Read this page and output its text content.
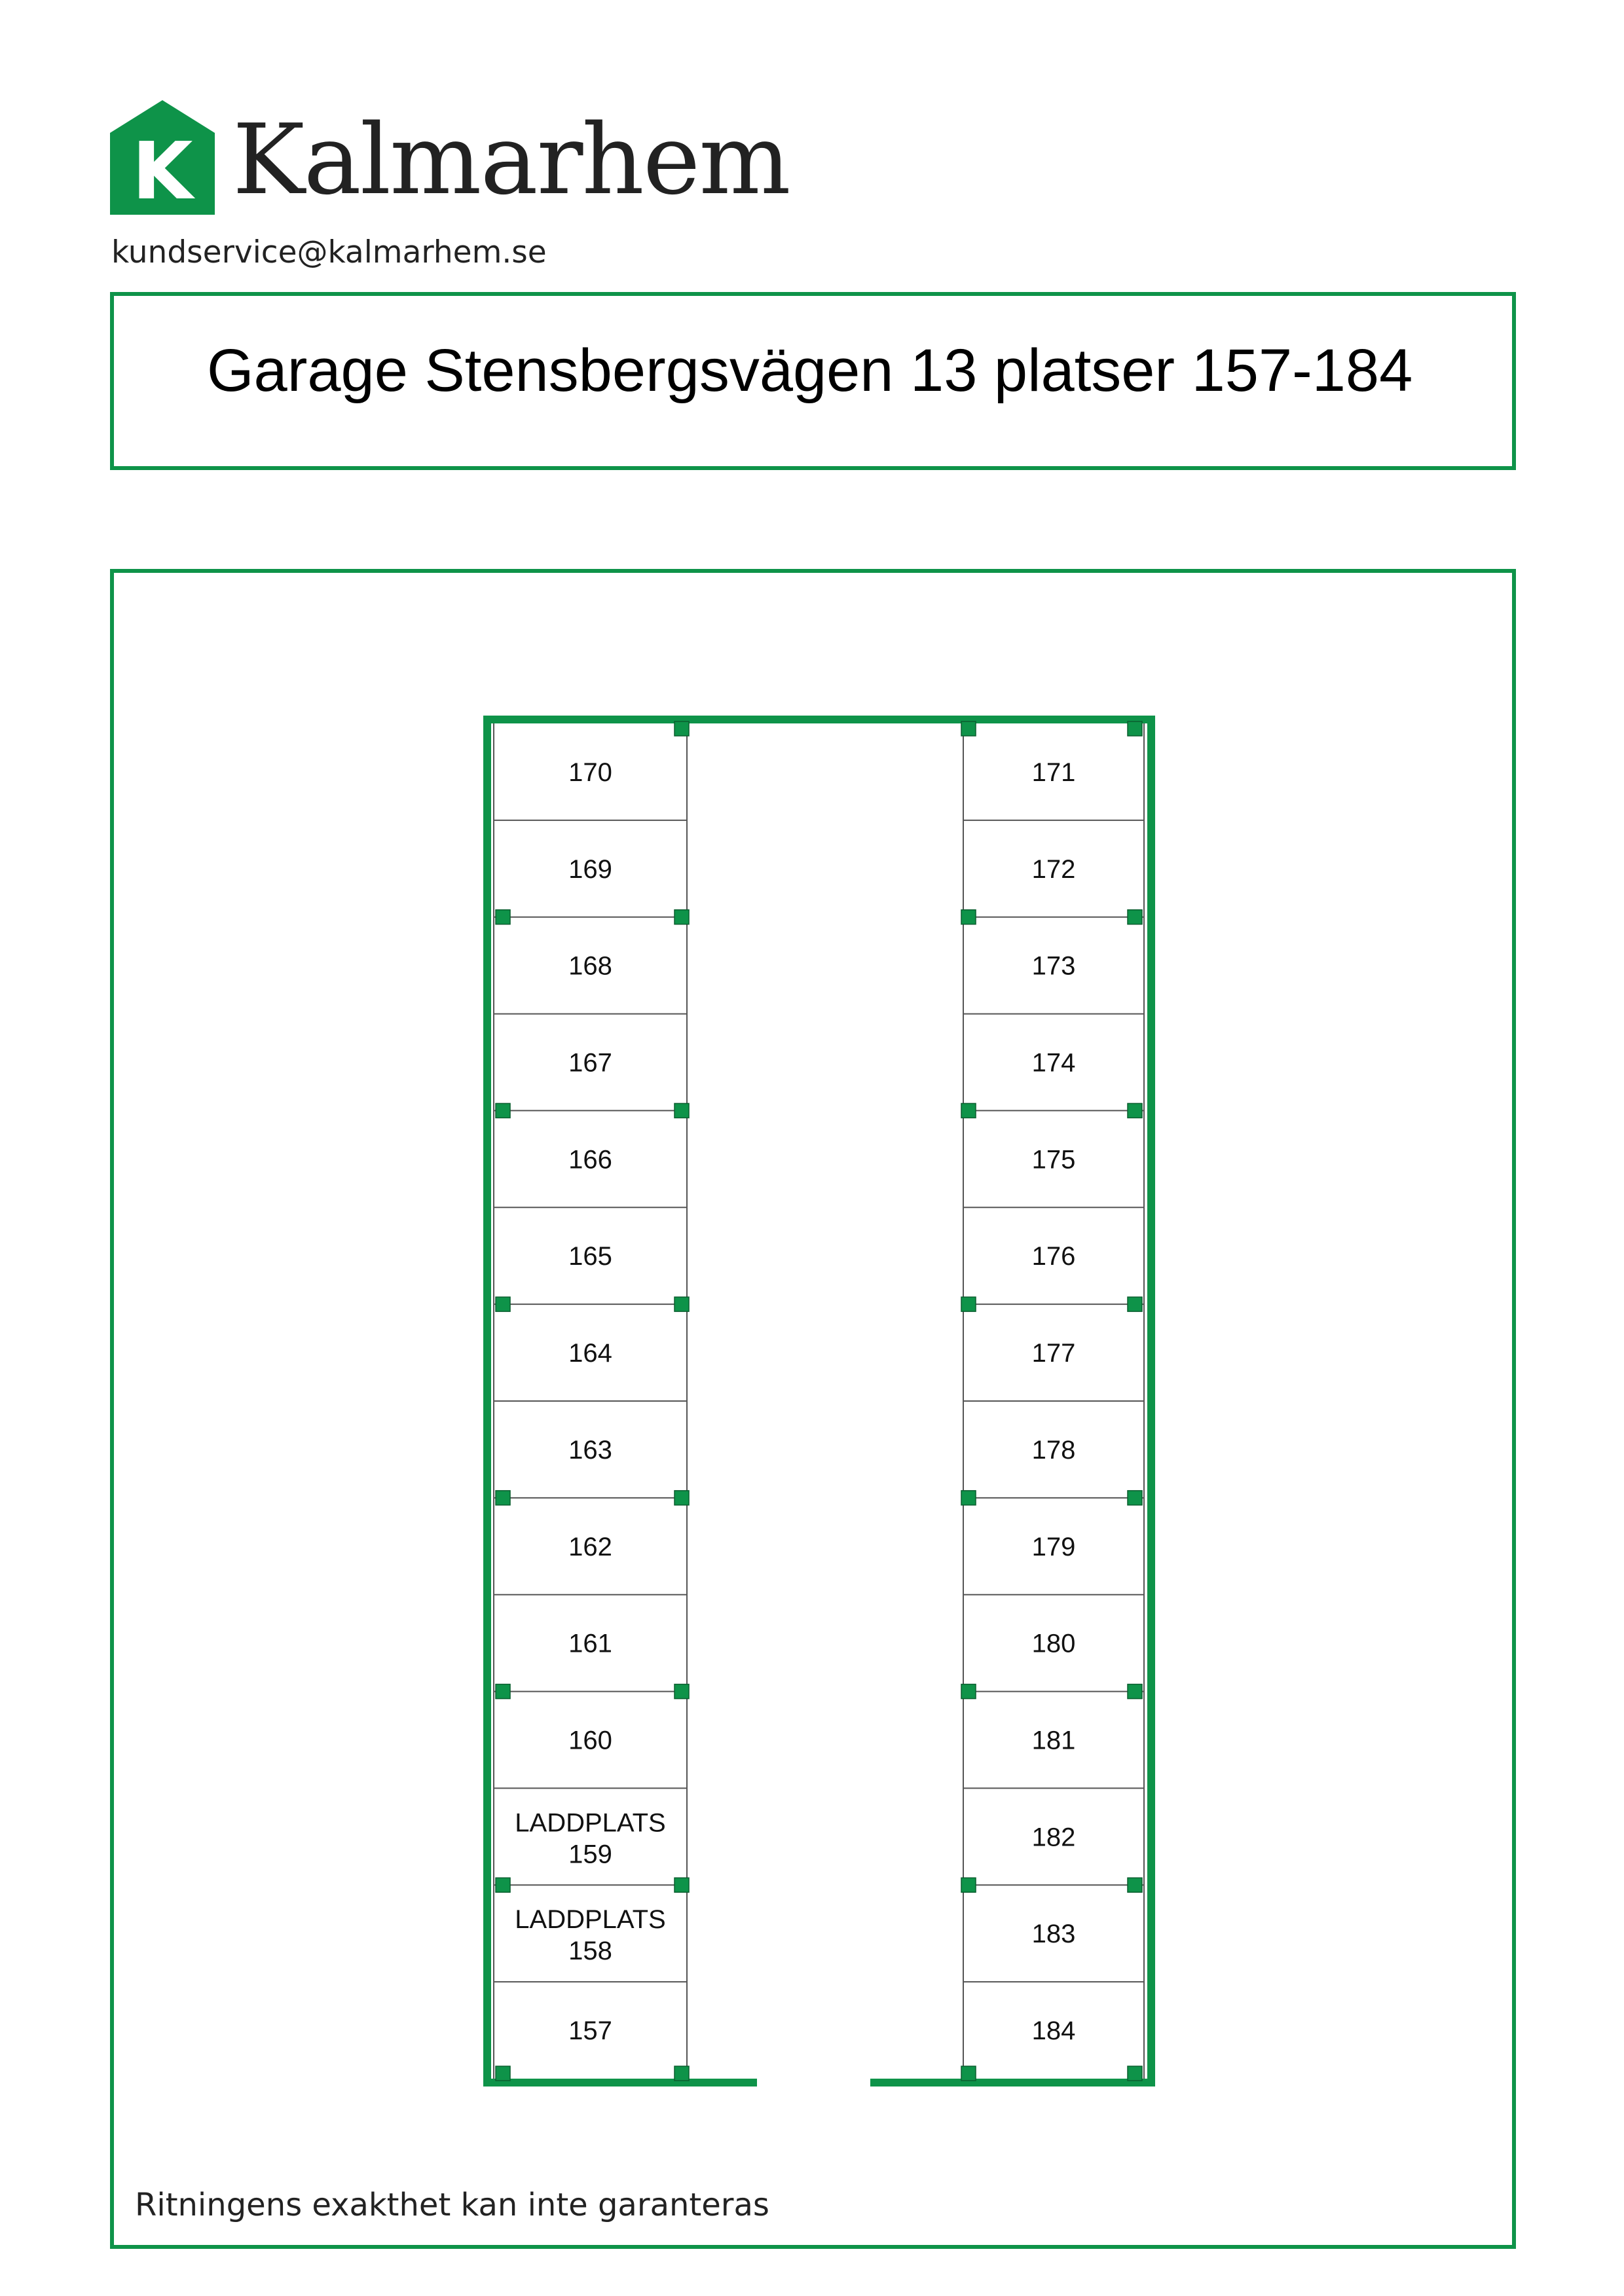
K Kalmarhem
kundservice@kalmarhem.se
Garage Stensbergsvägen 13 platser 157-184
170
169
168
167
166
165
164
163
162
161
160
LADDPLATS
159
LADDPLATS
158
157
171
172
173
174
175
176
177
178
179
180
181
182
183
184
Ritningens exakthet kan inte garanteras
